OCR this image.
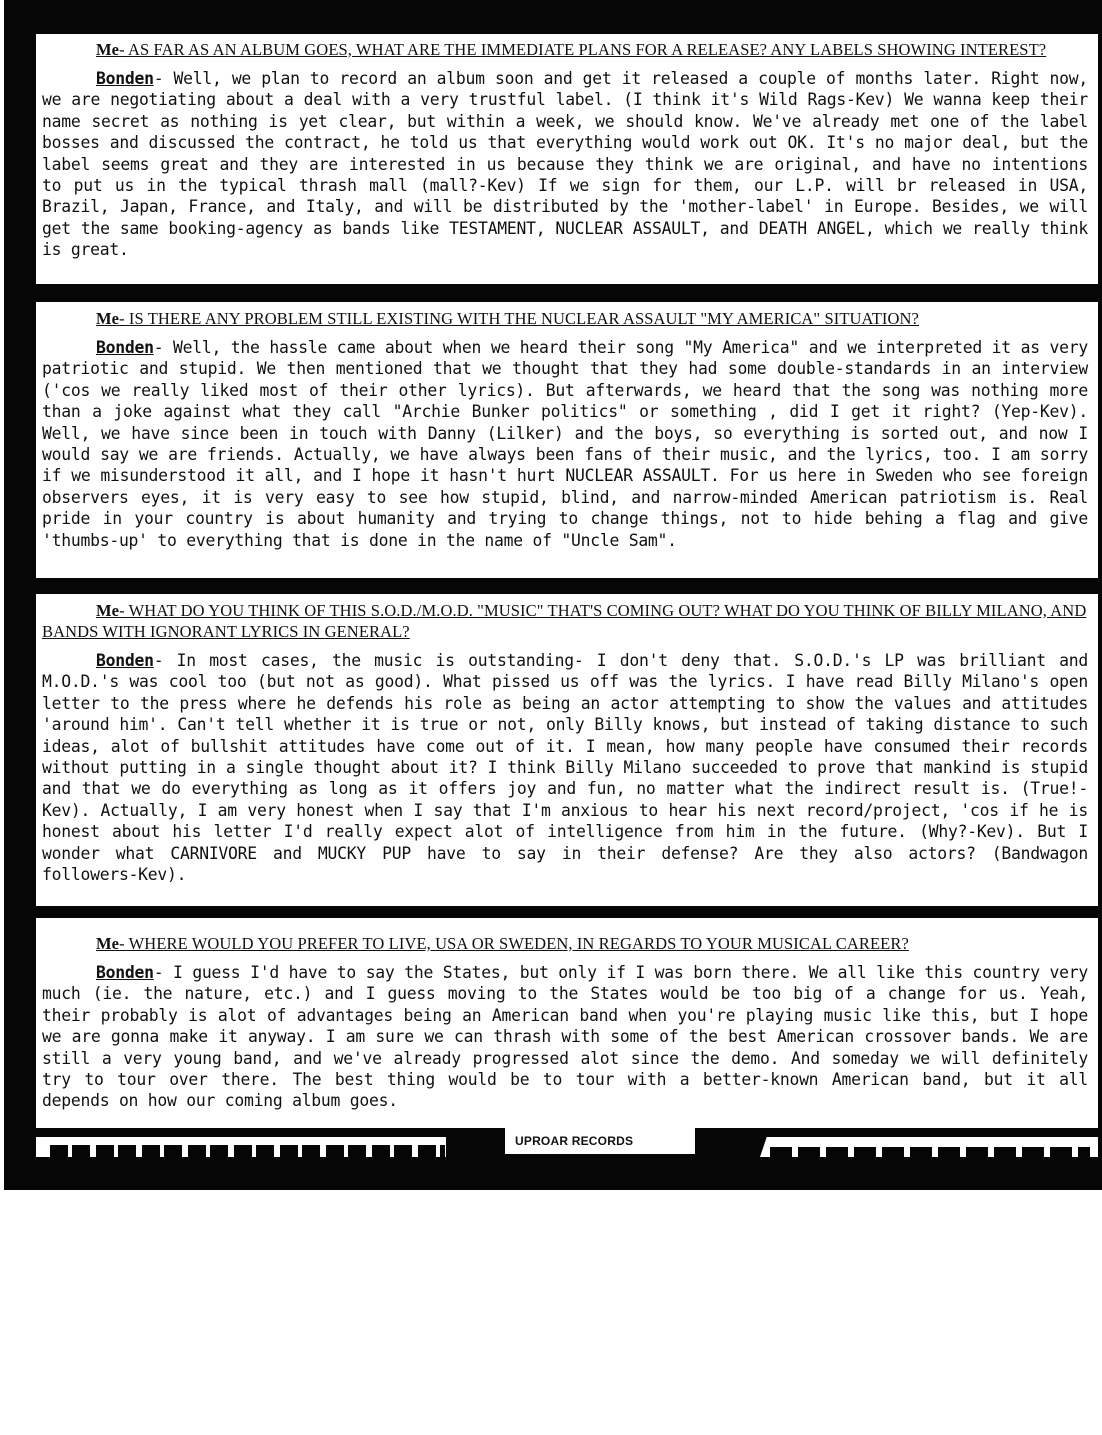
Me- AS FAR AS AN ALBUM GOES, WHAT ARE THE IMMEDIATE PLANS FOR A RELEASE? ANY LABELS SHOWING INTEREST?

Bonden- Well, we plan to record an album soon and get it released a couple of months later. Right now, we are negotiating about a deal with a very trustful label. (I think it's Wild Rags-Kev) We wanna keep their name secret as nothing is yet clear, but within a week, we should know. We've already met one of the label bosses and discussed the contract, he told us that everything would work out OK. It's no major deal, but the label seems great and they are interested in us because they think we are original, and have no intentions to put us in the typical thrash mall (mall?-Kev) If we sign for them, our L.P. will br released in USA, Brazil, Japan, France, and Italy, and will be distributed by the 'mother-label' in Europe. Besides, we will get the same booking-agency as bands like TESTAMENT, NUCLEAR ASSAULT, and DEATH ANGEL, which we really think is great.

Me- IS THERE ANY PROBLEM STILL EXISTING WITH THE NUCLEAR ASSAULT "MY AMERICA" SITUATION?

Bonden- Well, the hassle came about when we heard their song "My America" and we interpreted it as very patriotic and stupid. We then mentioned that we thought that they had some double-standards in an interview ('cos we really liked most of their other lyrics). But afterwards, we heard that the song was nothing more than a joke against what they call "Archie Bunker politics" or something , did I get it right? (Yep-Kev). Well, we have since been in touch with Danny (Lilker) and the boys, so everything is sorted out, and now I would say we are friends. Actually, we have always been fans of their music, and the lyrics, too. I am sorry if we misunderstood it all, and I hope it hasn't hurt NUCLEAR ASSAULT. For us here in Sweden who see foreign observers eyes, it is very easy to see how stupid, blind, and narrow-minded American patriotism is. Real pride in your country is about humanity and trying to change things, not to hide behing a flag and give 'thumbs-up' to everything that is done in the name of "Uncle Sam".

Me- WHAT DO YOU THINK OF THIS S.O.D./M.O.D. "MUSIC" THAT'S COMING OUT? WHAT DO YOU THINK OF BILLY MILANO, AND BANDS WITH IGNORANT LYRICS IN GENERAL?

Bonden- In most cases, the music is outstanding- I don't deny that. S.O.D.'s LP was brilliant and M.O.D.'s was cool too (but not as good). What pissed us off was the lyrics. I have read Billy Milano's open letter to the press where he defends his role as being an actor attempting to show the values and attitudes 'around him'. Can't tell whether it is true or not, only Billy knows, but instead of taking distance to such ideas, alot of bullshit attitudes have come out of it. I mean, how many people have consumed their records without putting in a single thought about it? I think Billy Milano succeeded to prove that mankind is stupid and that we do everything as long as it offers joy and fun, no matter what the indirect result is. (True!-Kev). Actually, I am very honest when I say that I'm anxious to hear his next record/project, 'cos if he is honest about his letter I'd really expect alot of intelligence from him in the future. (Why?-Kev). But I wonder what CARNIVORE and MUCKY PUP have to say in their defense? Are they also actors? (Bandwagon followers-Kev).

Me- WHERE WOULD YOU PREFER TO LIVE, USA OR SWEDEN, IN REGARDS TO YOUR MUSICAL CAREER?

Bonden- I guess I'd have to say the States, but only if I was born there. We all like this country very much (ie. the nature, etc.) and I guess moving to the States would be too big of a change for us. Yeah, their probably is alot of advantages being an American band when you're playing music like this, but I hope we are gonna make it anyway. I am sure we can thrash with some of the best American crossover bands. We are still a very young band, and we've already progressed alot since the demo. And someday we will definitely try to tour over there. The best thing would be to tour with a better-known American band, but it all depends on how our coming album goes.

UPROAR RECORDS
